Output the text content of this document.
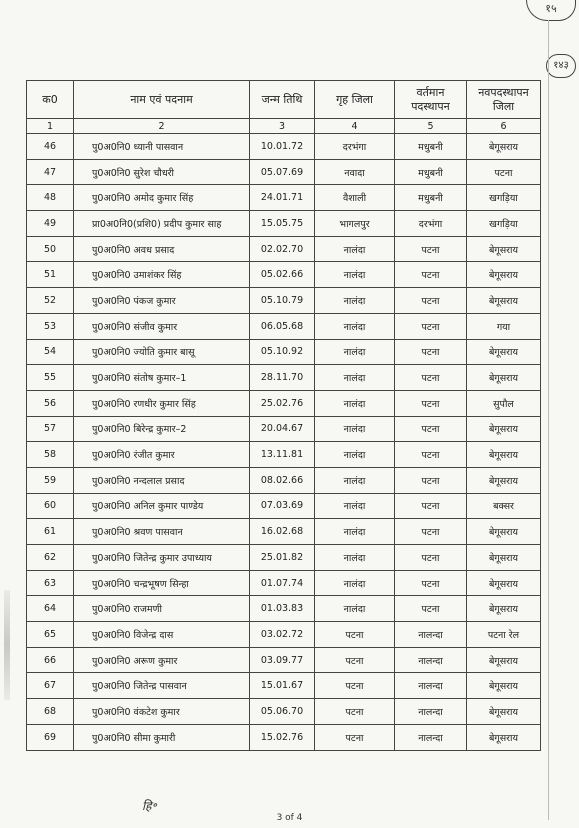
१५
१४३
क0	नाम एवं पदनाम	जन्म तिथि	गृह जिला	वर्तमान पदस्थापन	नवपदस्थापन जिला
1	2	3	4	5	6
46	पु0अ0नि0 ध्यानी पासवान	10.01.72	दरभंगा	मधुबनी	बेगूसराय
47	पु0अ0नि0 सुरेश चौधरी	05.07.69	नवादा	मधुबनी	पटना
48	पु0अ0नि0 अमोद कुमार सिंह	24.01.71	वैशाली	मधुबनी	खगड़िया
49	प्रा0अ0नि0(प्रशि0) प्रदीप कुमार साह	15.05.75	भागलपुर	दरभंगा	खगड़िया
50	पु0अ0नि0 अवध प्रसाद	02.02.70	नालंदा	पटना	बेगूसराय
51	पु0अ0नि0 उमाशंकर सिंह	05.02.66	नालंदा	पटना	बेगूसराय
52	पु0अ0नि0 पंकज कुमार	05.10.79	नालंदा	पटना	बेगूसराय
53	पु0अ0नि0 संजीव कुमार	06.05.68	नालंदा	पटना	गया
54	पु0अ0नि0 ज्योति कुमार बासू	05.10.92	नालंदा	पटना	बेगूसराय
55	पु0अ0नि0 संतोष कुमार–1	28.11.70	नालंदा	पटना	बेगूसराय
56	पु0अ0नि0 रणधीर कुमार सिंह	25.02.76	नालंदा	पटना	सुपौल
57	पु0अ0नि0 बिरेन्द्र कुमार–2	20.04.67	नालंदा	पटना	बेगूसराय
58	पु0अ0नि0 रंजीत कुमार	13.11.81	नालंदा	पटना	बेगूसराय
59	पु0अ0नि0 नन्दलाल प्रसाद	08.02.66	नालंदा	पटना	बेगूसराय
60	पु0अ0नि0 अनिल कुमार पाण्डेय	07.03.69	नालंदा	पटना	बक्सर
61	पु0अ0नि0 श्रवण पासवान	16.02.68	नालंदा	पटना	बेगूसराय
62	पु0अ0नि0 जितेन्द्र कुमार उपाध्याय	25.01.82	नालंदा	पटना	बेगूसराय
63	पु0अ0नि0 चन्द्रभूषण सिन्हा	01.07.74	नालंदा	पटना	बेगूसराय
64	पु0अ0नि0 राजमणी	01.03.83	नालंदा	पटना	बेगूसराय
65	पु0अ0नि0 विजेन्द्र दास	03.02.72	पटना	नालन्दा	पटना रेल
66	पु0अ0नि0 अरूण कुमार	03.09.77	पटना	नालन्दा	बेगूसराय
67	पु0अ0नि0 जितेन्द्र पासवान	15.01.67	पटना	नालन्दा	बेगूसराय
68	पु0अ0नि0 वंकटेश कुमार	05.06.70	पटना	नालन्दा	बेगूसराय
69	पु0अ0नि0 सीमा कुमारी	15.02.76	पटना	नालन्दा	बेगूसराय
हि॰
3 of 4
